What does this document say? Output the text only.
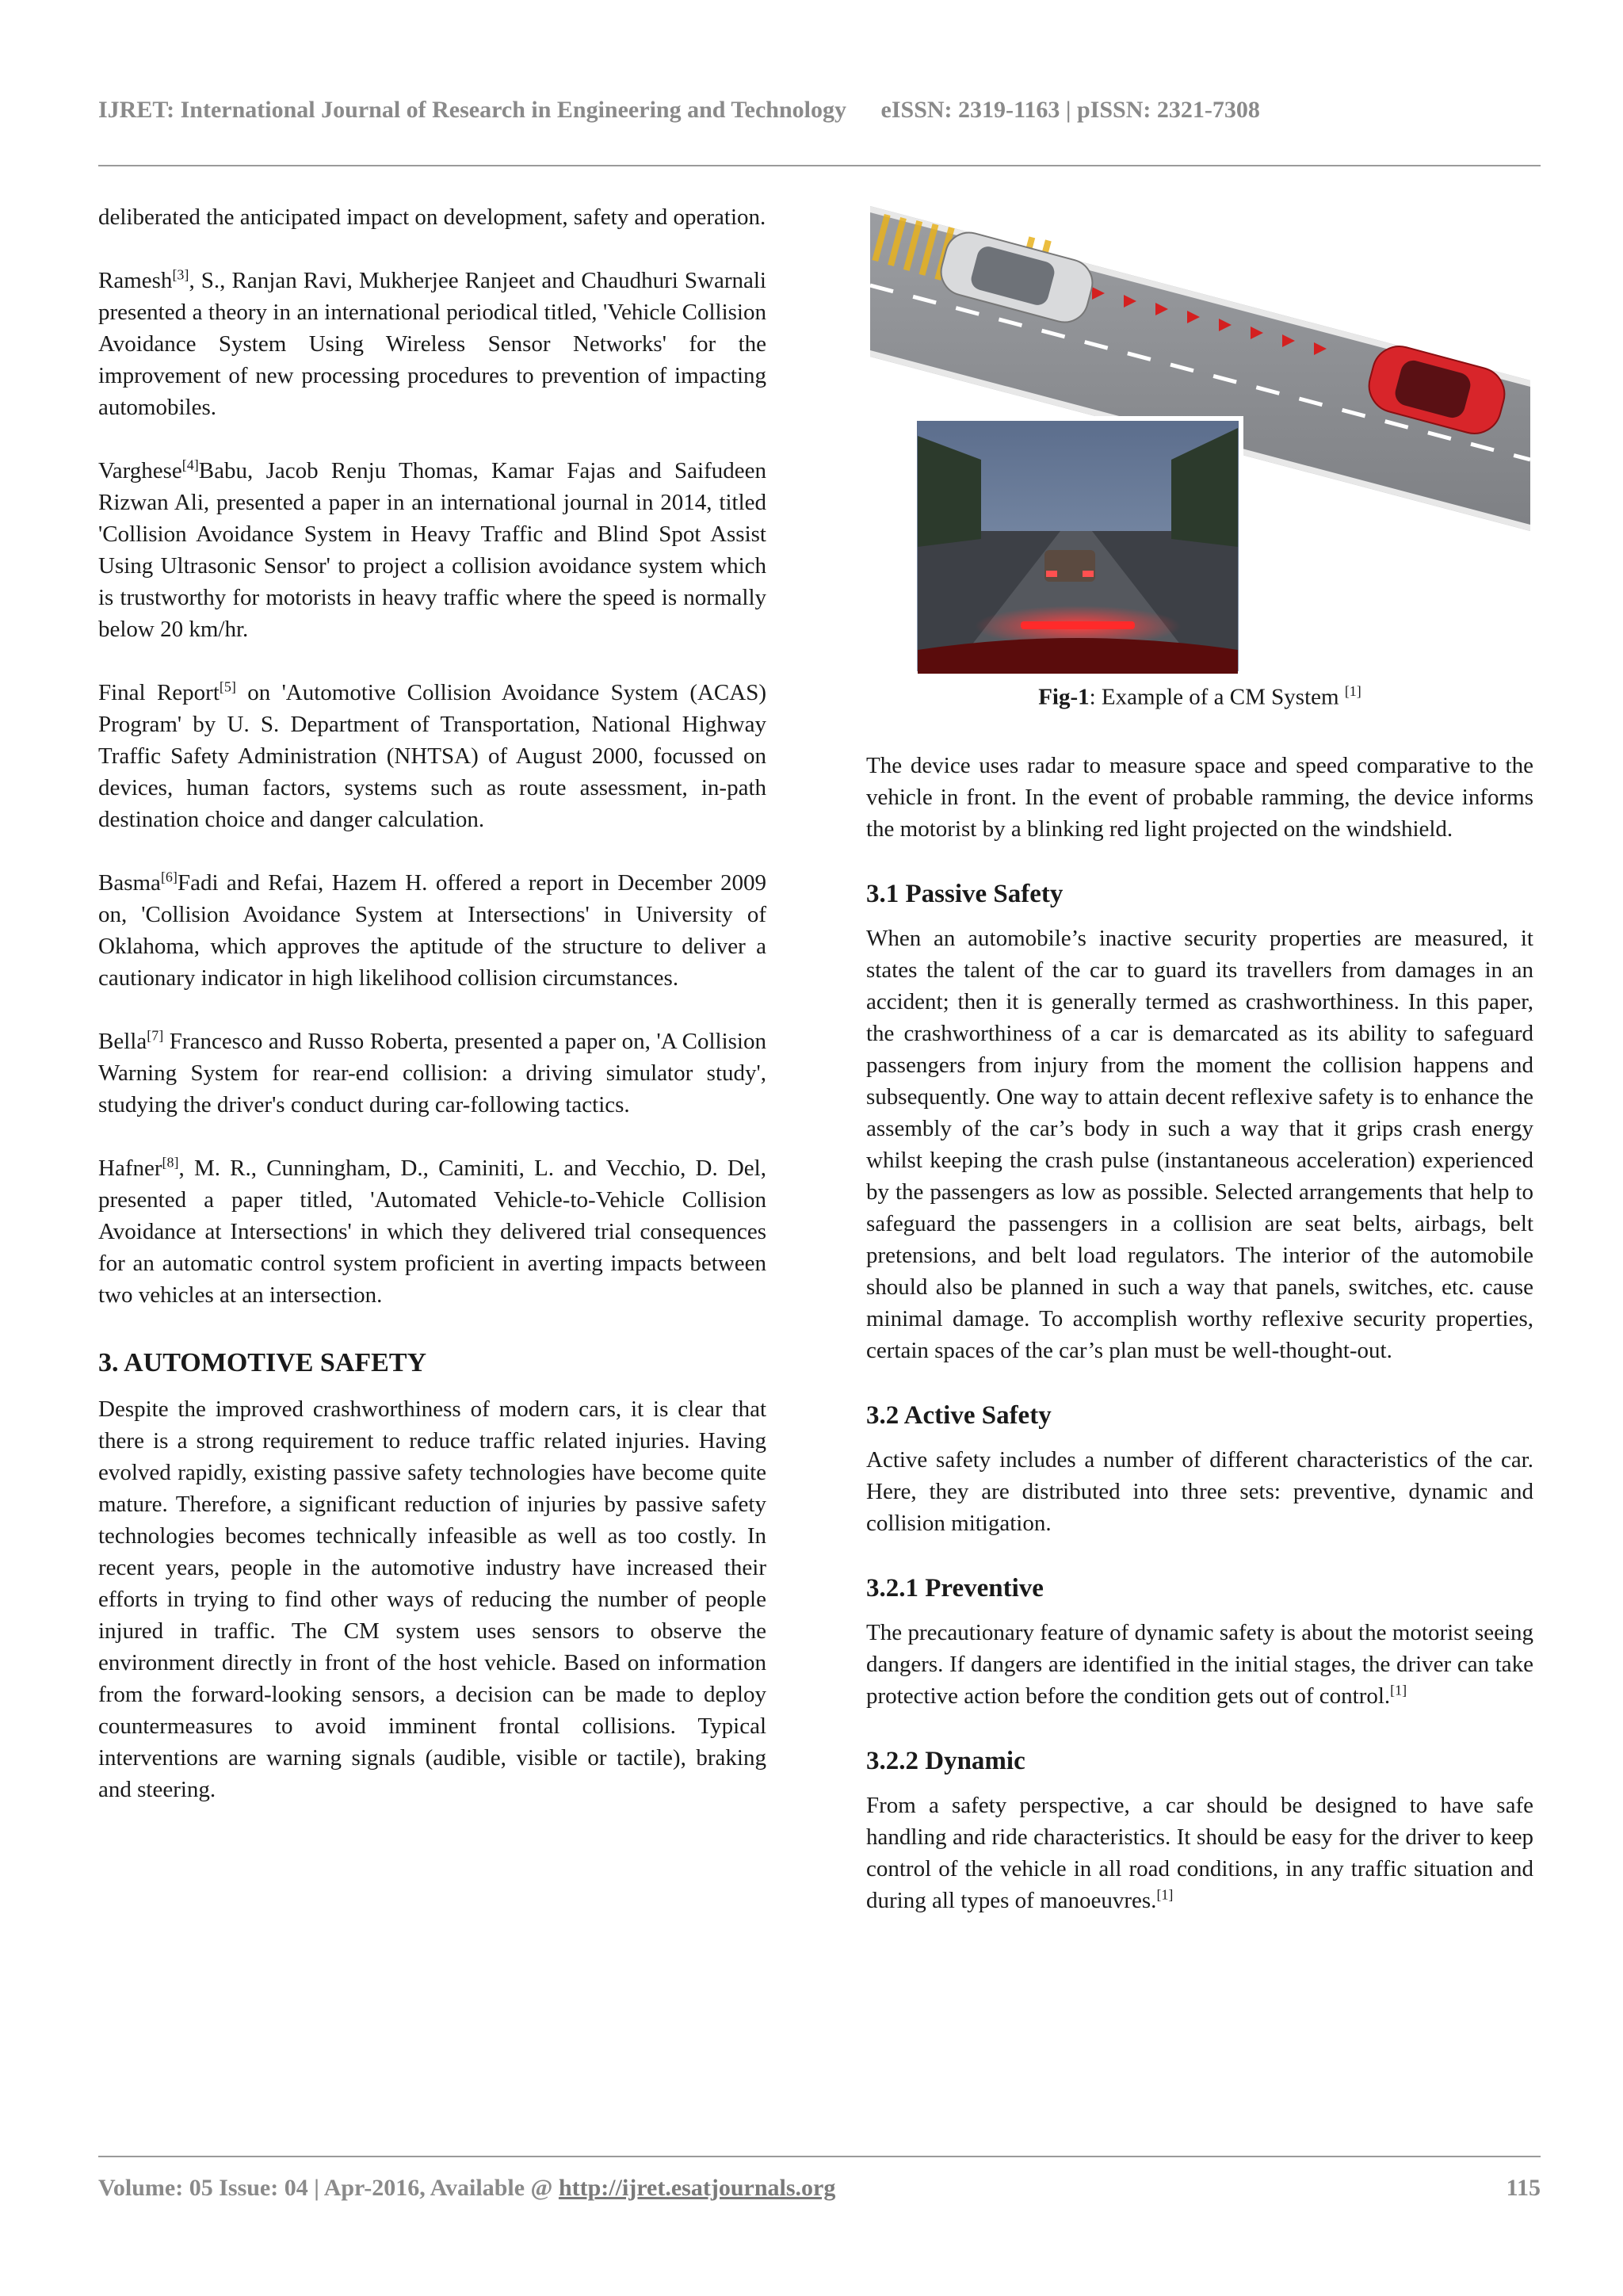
IJRET: International Journal of Research in Engineering and Technology eISSN: 2319-1163 | pISSN: 2321-7308

deliberated the anticipated impact on development, safety and operation.

Ramesh[3], S., Ranjan Ravi, Mukherjee Ranjeet and Chaudhuri Swarnali presented a theory in an international periodical titled, 'Vehicle Collision Avoidance System Using Wireless Sensor Networks' for the improvement of new processing procedures to prevention of impacting automobiles.

Varghese[4]Babu, Jacob Renju Thomas, Kamar Fajas and Saifudeen Rizwan Ali, presented a paper in an international journal in 2014, titled 'Collision Avoidance System in Heavy Traffic and Blind Spot Assist Using Ultrasonic Sensor' to project a collision avoidance system which is trustworthy for motorists in heavy traffic where the speed is normally below 20 km/hr.

Final Report[5] on 'Automotive Collision Avoidance System (ACAS) Program' by U. S. Department of Transportation, National Highway Traffic Safety Administration (NHTSA) of August 2000, focussed on devices, human factors, systems such as route assessment, in-path destination choice and danger calculation.

Basma[6]Fadi and Refai, Hazem H. offered a report in December 2009 on, 'Collision Avoidance System at Intersections' in University of Oklahoma, which approves the aptitude of the structure to deliver a cautionary indicator in high likelihood collision circumstances.

Bella[7] Francesco and Russo Roberta, presented a paper on, 'A Collision Warning System for rear-end collision: a driving simulator study', studying the driver's conduct during car-following tactics.

Hafner[8], M. R., Cunningham, D., Caminiti, L. and Vecchio, D. Del, presented a paper titled, 'Automated Vehicle-to-Vehicle Collision Avoidance at Intersections' in which they delivered trial consequences for an automatic control system proficient in averting impacts between two vehicles at an intersection.

3. AUTOMOTIVE SAFETY

Despite the improved crashworthiness of modern cars, it is clear that there is a strong requirement to reduce traffic related injuries. Having evolved rapidly, existing passive safety technologies have become quite mature. Therefore, a significant reduction of injuries by passive safety technologies becomes technically infeasible as well as too costly. In recent years, people in the automotive industry have increased their efforts in trying to find other ways of reducing the number of people injured in traffic. The CM system uses sensors to observe the environment directly in front of the host vehicle. Based on information from the forward-looking sensors, a decision can be made to deploy countermeasures to avoid imminent frontal collisions. Typical interventions are warning signals (audible, visible or tactile), braking and steering.

Fig-1: Example of a CM System [1]

The device uses radar to measure space and speed comparative to the vehicle in front. In the event of probable ramming, the device informs the motorist by a blinking red light projected on the windshield.

3.1 Passive Safety

When an automobile’s inactive security properties are measured, it states the talent of the car to guard its travellers from damages in an accident; then it is generally termed as crashworthiness. In this paper, the crashworthiness of a car is demarcated as its ability to safeguard passengers from injury from the moment the collision happens and subsequently. One way to attain decent reflexive safety is to enhance the assembly of the car’s body in such a way that it grips crash energy whilst keeping the crash pulse (instantaneous acceleration) experienced by the passengers as low as possible. Selected arrangements that help to safeguard the passengers in a collision are seat belts, airbags, belt pretensions, and belt load regulators. The interior of the automobile should also be planned in such a way that panels, switches, etc. cause minimal damage. To accomplish worthy reflexive security properties, certain spaces of the car’s plan must be well-thought-out.

3.2 Active Safety

Active safety includes a number of different characteristics of the car. Here, they are distributed into three sets: preventive, dynamic and collision mitigation.

3.2.1 Preventive

The precautionary feature of dynamic safety is about the motorist seeing dangers. If dangers are identified in the initial stages, the driver can take protective action before the condition gets out of control.[1]

3.2.2 Dynamic

From a safety perspective, a car should be designed to have safe handling and ride characteristics. It should be easy for the driver to keep control of the vehicle in all road conditions, in any traffic situation and during all types of manoeuvres.[1]

Volume: 05 Issue: 04 | Apr-2016, Available @ http://ijret.esatjournals.org	115
